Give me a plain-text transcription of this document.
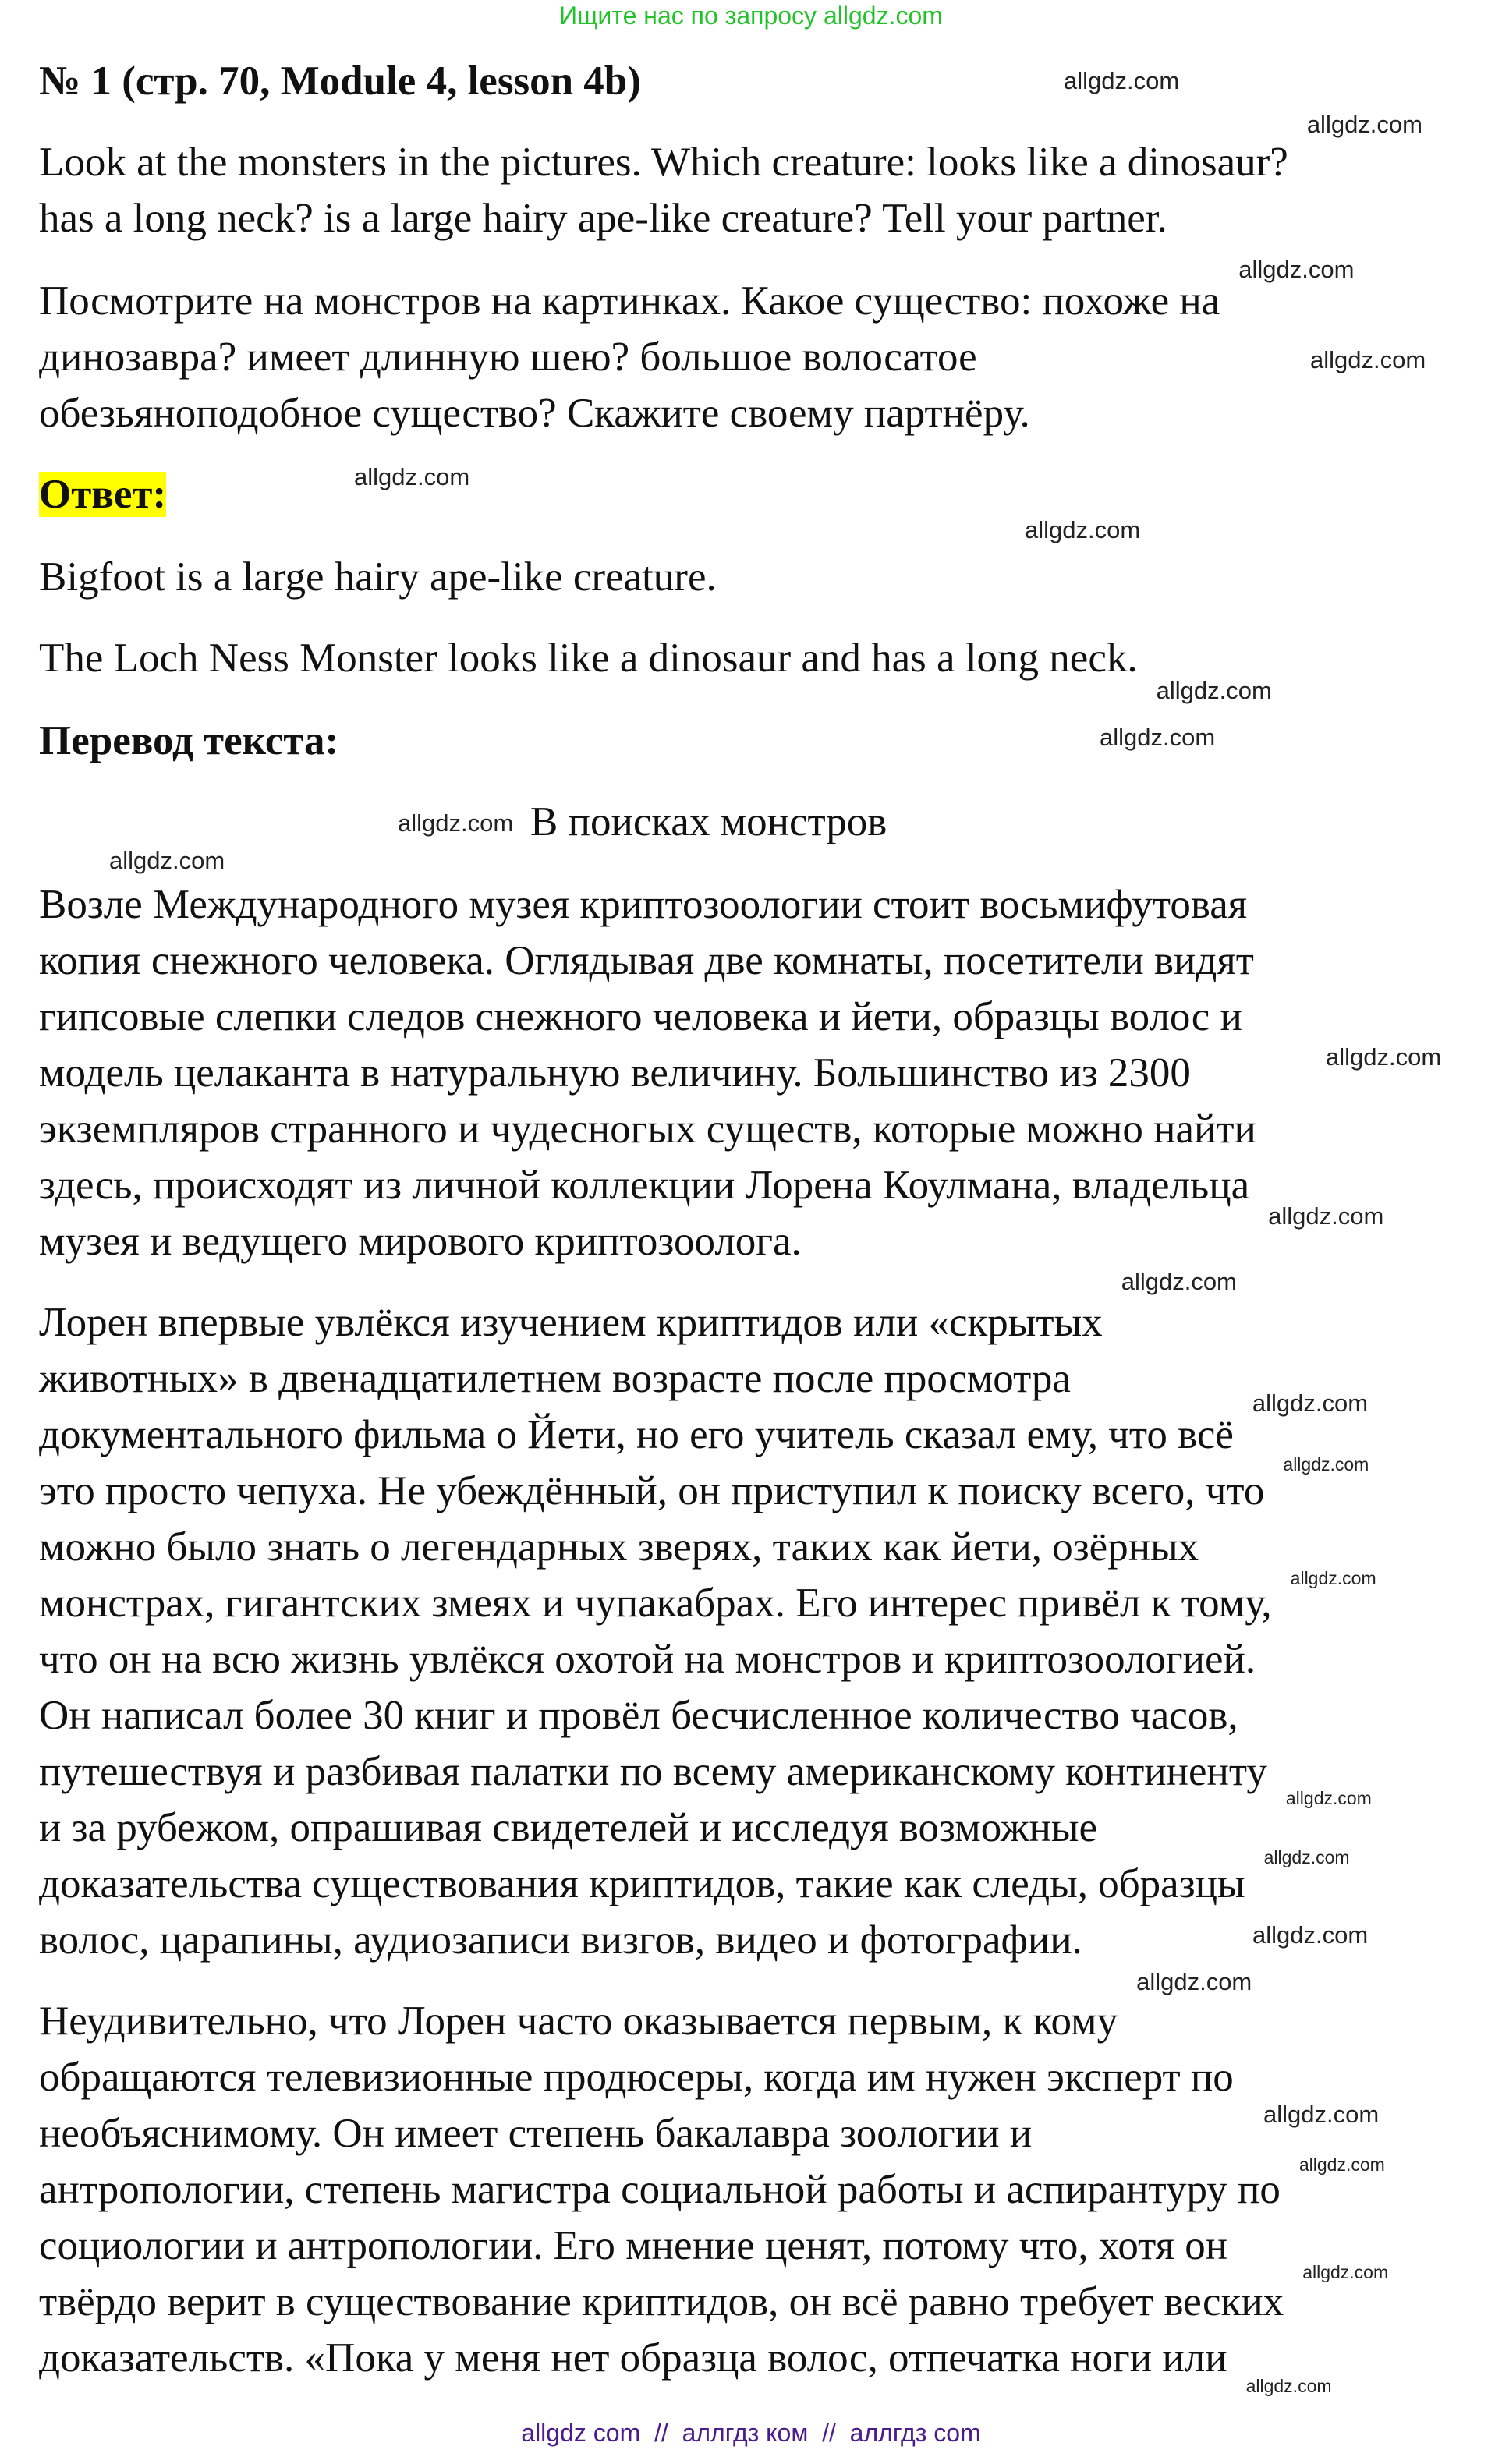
Ищите нас по запросу allgdz.com
№ 1 (стр. 70, Module 4, lesson 4b)
Look at the monsters in the pictures. Which creature: looks like a dinosaur?
has a long neck? is a large hairy ape-like creature? Tell your partner.
Посмотрите на монстров на картинках. Какое существо: похоже на
динозавра? имеет длинную шею? большое волосатое
обезьяноподобное существо? Скажите своему партнёру.
Ответ:
Bigfoot is a large hairy ape-like creature.
The Loch Ness Monster looks like a dinosaur and has a long neck.
Перевод текста:
В поисках монстров
Возле Международного музея криптозоологии стоит восьмифутовая
копия снежного человека. Оглядывая две комнаты, посетители видят
гипсовые слепки следов снежного человека и йети, образцы волос и
модель целаканта в натуральную величину. Большинство из 2300
экземпляров странного и чудесногых существ, которые можно найти
здесь, происходят из личной коллекции Лорена Коулмана, владельца
музея и ведущего мирового криптозоолога.
Лорен впервые увлёкся изучением криптидов или «скрытых
животных» в двенадцатилетнем возрасте после просмотра
документального фильма о Йети, но его учитель сказал ему, что всё
это просто чепуха. Не убеждённый, он приступил к поиску всего, что
можно было знать о легендарных зверях, таких как йети, озёрных
монстрах, гигантских змеях и чупакабрах. Его интерес привёл к тому,
что он на всю жизнь увлёкся охотой на монстров и криптозоологией.
Он написал более 30 книг и провёл бесчисленное количество часов,
путешествуя и разбивая палатки по всему американскому континенту
и за рубежом, опрашивая свидетелей и исследуя возможные
доказательства существования криптидов, такие как следы, образцы
волос, царапины, аудиозаписи визгов, видео и фотографии.
Неудивительно, что Лорен часто оказывается первым, к кому
обращаются телевизионные продюсеры, когда им нужен эксперт по
необъяснимому. Он имеет степень бакалавра зоологии и
антропологии, степень магистра социальной работы и аспирантуру по
социологии и антропологии. Его мнение ценят, потому что, хотя он
твёрдо верит в существование криптидов, он всё равно требует веских
доказательств. «Пока у меня нет образца волос, отпечатка ноги или
allgdz.com
allgdz.com
allgdz.com
allgdz.com
allgdz.com
allgdz.com
allgdz.com
allgdz.com
allgdz.com
allgdz.com
allgdz.com
allgdz.com
allgdz.com
allgdz.com
allgdz.com
allgdz.com
allgdz.com
allgdz.com
allgdz.com
allgdz.com
allgdz.com
allgdz.com
allgdz.com
allgdz.com
allgdz com  //  аллгдз ком  //  аллгдз com
